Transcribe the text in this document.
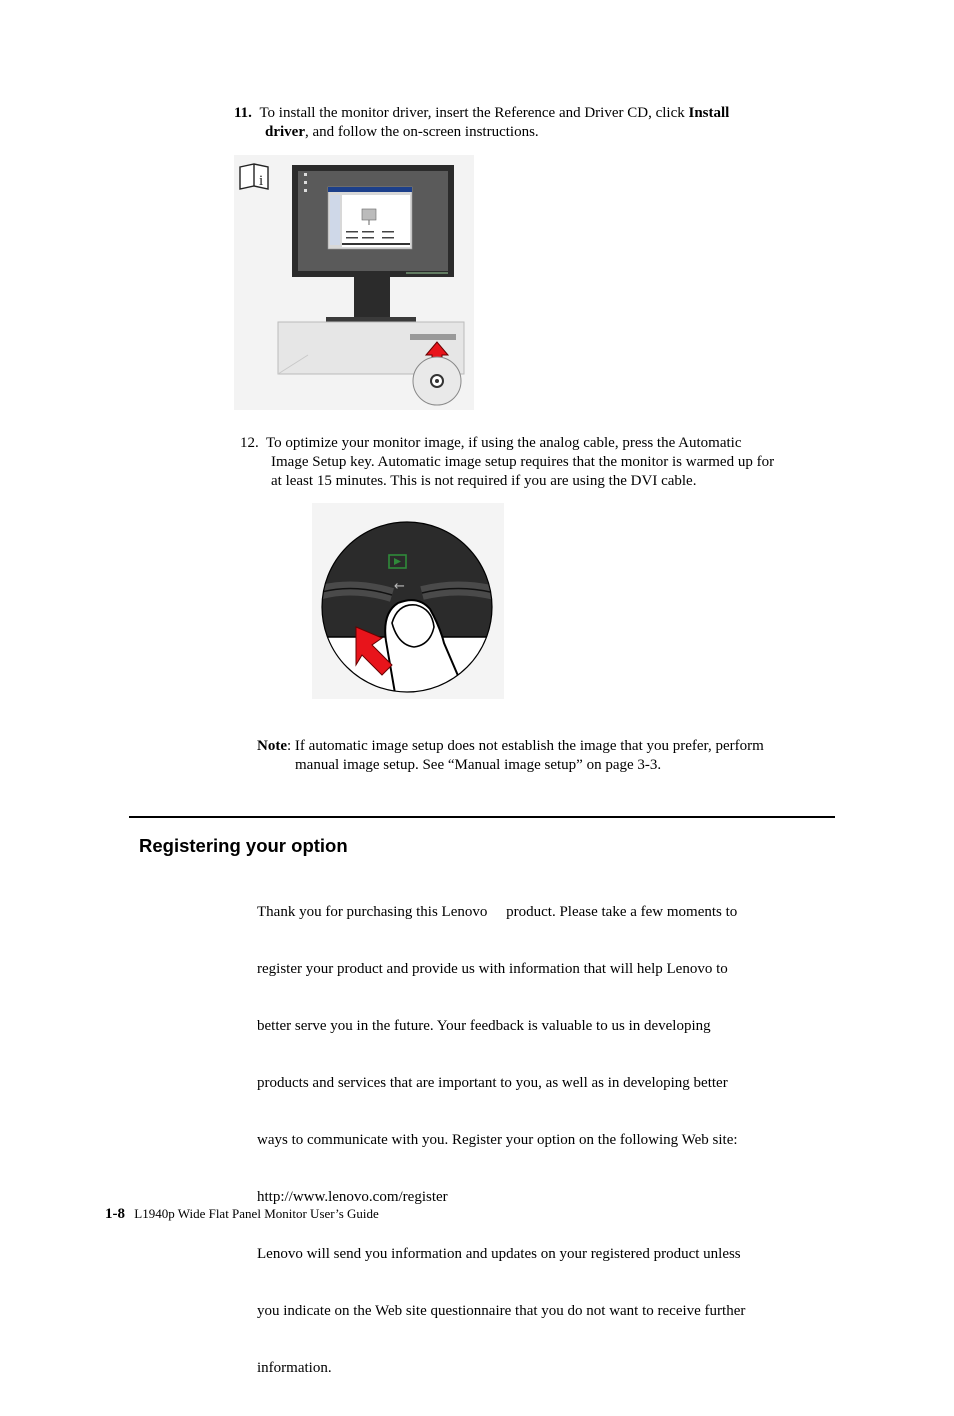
11. To install the monitor driver, insert the Reference and Driver CD, click Install
driver, and follow the on-screen instructions.
i
12. To optimize your monitor image, if using the analog cable, press the Automatic
Image Setup key. Automatic image setup requires that the monitor is warmed up for
at least 15 minutes. This is not required if you are using the DVI cable.
←
Note: If automatic image setup does not establish the image that you prefer, perform
manual image setup. See “Manual image setup” on page 3-3.
Registering your option

Thank you for purchasing this Lenovo     product. Please take a few moments to

register your product and provide us with information that will help Lenovo to

better serve you in the future. Your feedback is valuable to us in developing

products and services that are important to you, as well as in developing better

ways to communicate with you. Register your option on the following Web site:

http://www.lenovo.com/register

Lenovo will send you information and updates on your registered product unless

you indicate on the Web site questionnaire that you do not want to receive further

information.

1-8 L1940p Wide Flat Panel Monitor User’s Guide
